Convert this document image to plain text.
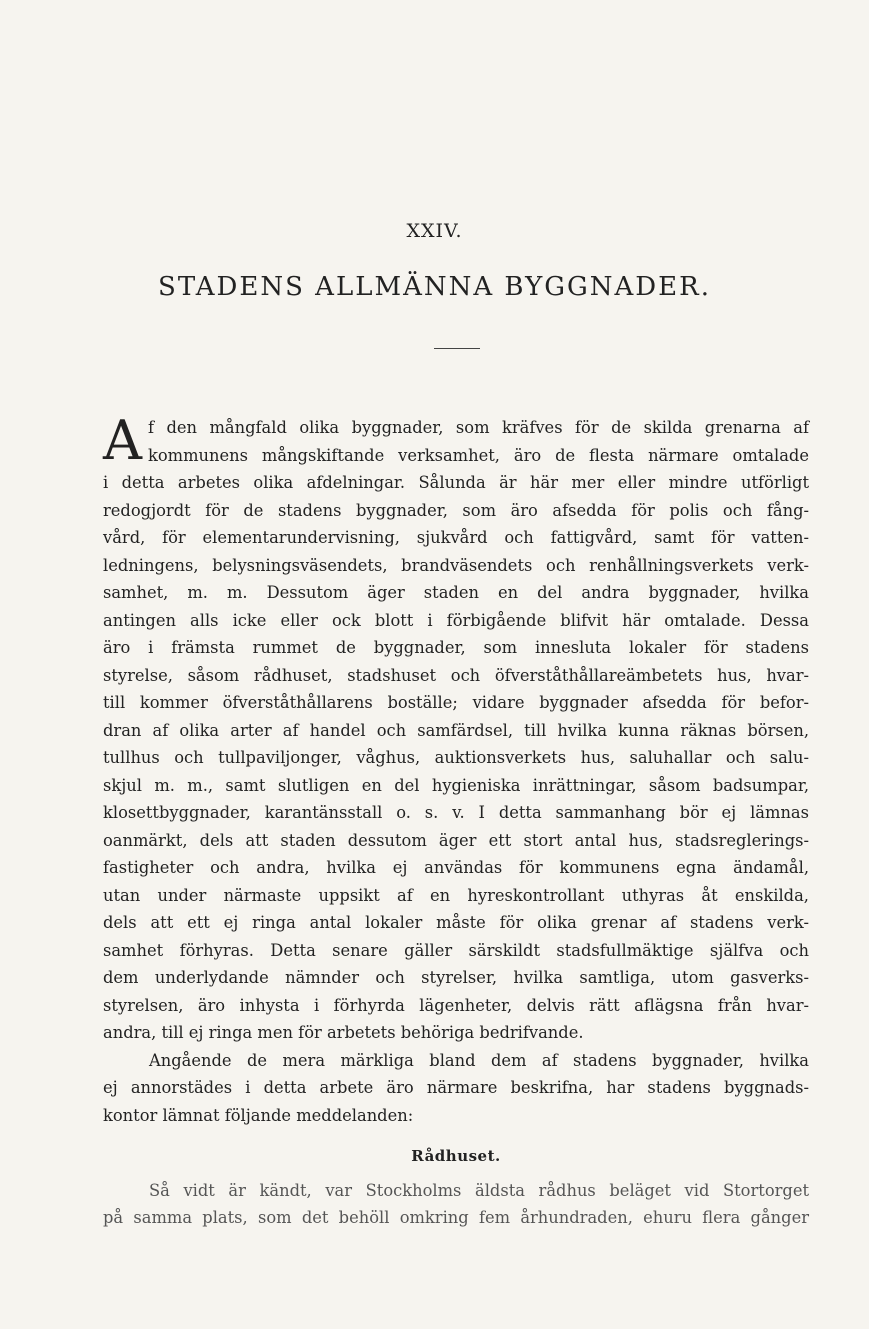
XXIV.
STADENS ALLMÄNNA BYGGNADER.
A f den mångfald olika byggnader, som kräfves för de skilda grenarna af
kommunens mångskiftande verksamhet, äro de flesta närmare omtalade
i detta arbetes olika afdelningar. Sålunda är här mer eller mindre utförligt
redogjordt för de stadens byggnader, som äro afsedda för polis och fång-
vård, för elementarundervisning, sjukvård och fattigvård, samt för vatten-
ledningens, belysningsväsendets, brandväsendets och renhållningsverkets verk-
samhet, m. m. Dessutom äger staden en del andra byggnader, hvilka
antingen alls icke eller ock blott i förbigående blifvit här omtalade. Dessa
äro i främsta rummet de byggnader, som innesluta lokaler för stadens
styrelse, såsom rådhuset, stadshuset och öfverståthållareämbetets hus, hvar-
till kommer öfverståthållarens boställe; vidare byggnader afsedda för befor-
dran af olika arter af handel och samfärdsel, till hvilka kunna räknas börsen,
tullhus och tullpaviljonger, våghus, auktionsverkets hus, saluhallar och salu-
skjul m. m., samt slutligen en del hygieniska inrättningar, såsom badsumpar,
klosettbyggnader, karantänsstall o. s. v. I detta sammanhang bör ej lämnas
oanmärkt, dels att staden dessutom äger ett stort antal hus, stadsreglerings-
fastigheter och andra, hvilka ej användas för kommunens egna ändamål,
utan under närmaste uppsikt af en hyreskontrollant uthyras åt enskilda,
dels att ett ej ringa antal lokaler måste för olika grenar af stadens verk-
samhet förhyras. Detta senare gäller särskildt stadsfullmäktige själfva och
dem underlydande nämnder och styrelser, hvilka samtliga, utom gasverks-
styrelsen, äro inhysta i förhyrda lägenheter, delvis rätt aflägsna från hvar-
andra, till ej ringa men för arbetets behöriga bedrifvande.
Angående de mera märkliga bland dem af stadens byggnader, hvilka
ej annorstädes i detta arbete äro närmare beskrifna, har stadens byggnads-
kontor lämnat följande meddelanden:
Rådhuset.
Så vidt är kändt, var Stockholms äldsta rådhus beläget vid Stortorget
på samma plats, som det behöll omkring fem århundraden, ehuru flera gånger
